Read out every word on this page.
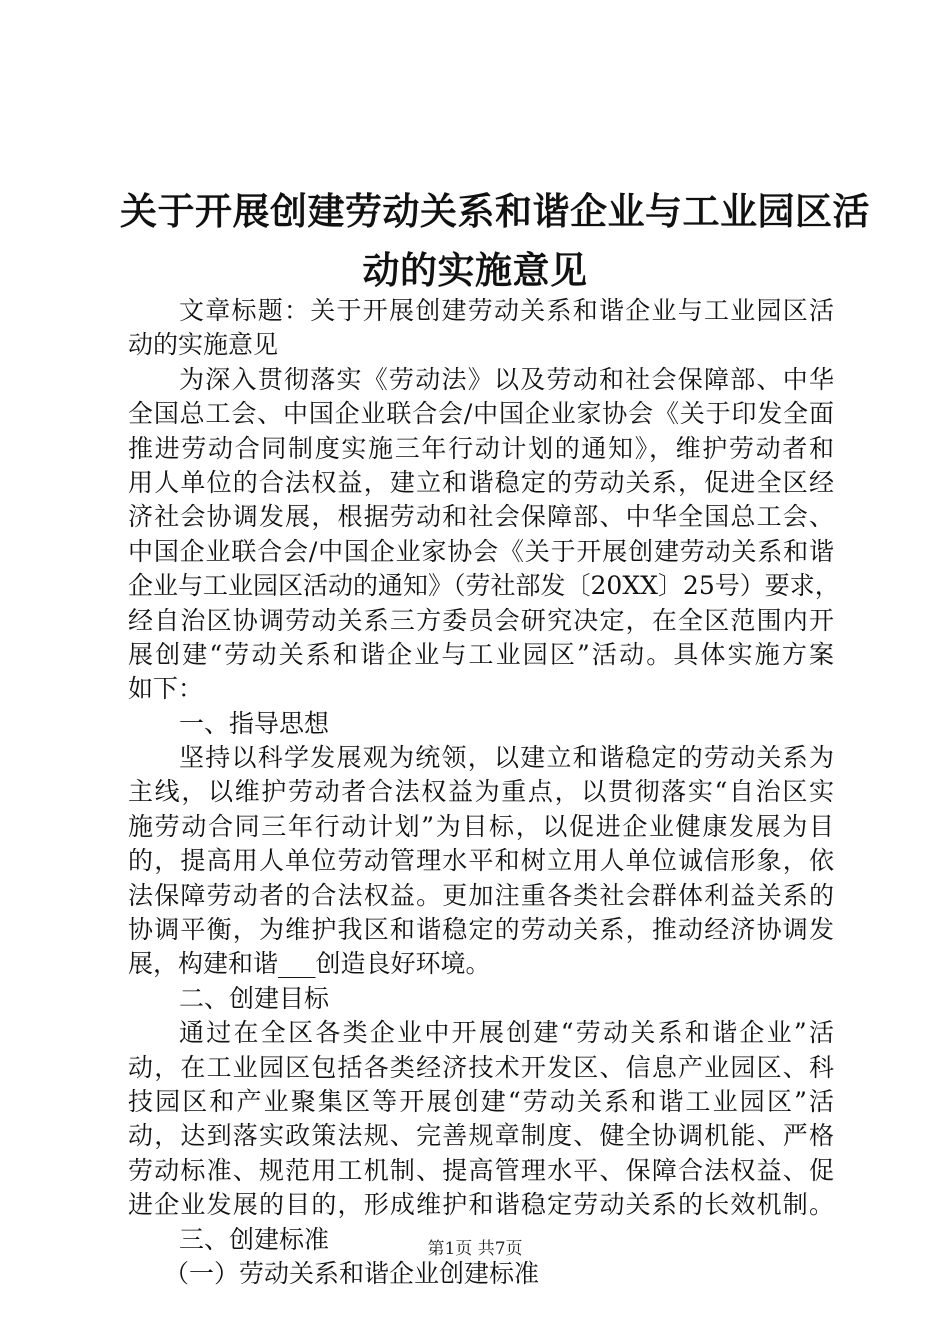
关于开展创建劳动关系和谐企业与工业园区活
动的实施意见
文章标题：关于开展创建劳动关系和谐企业与工业园区活
动的实施意见
为深入贯彻落实《劳动法》以及劳动和社会保障部、中华
全国总工会、中国企业联合会/中国企业家协会《关于印发全面
推进劳动合同制度实施三年行动计划的通知》，维护劳动者和
用人单位的合法权益，建立和谐稳定的劳动关系，促进全区经
济社会协调发展，根据劳动和社会保障部、中华全国总工会、
中国企业联合会/中国企业家协会《关于开展创建劳动关系和谐
企业与工业园区活动的通知》（劳社部发〔20XX〕25号）要求，
经自治区协调劳动关系三方委员会研究决定，在全区范围内开
展创建“劳动关系和谐企业与工业园区”活动。具体实施方案
如下：
一、指导思想
坚持以科学发展观为统领，以建立和谐稳定的劳动关系为
主线，以维护劳动者合法权益为重点，以贯彻落实“自治区实
施劳动合同三年行动计划”为目标，以促进企业健康发展为目
的，提高用人单位劳动管理水平和树立用人单位诚信形象，依
法保障劳动者的合法权益。更加注重各类社会群体利益关系的
协调平衡，为维护我区和谐稳定的劳动关系，推动经济协调发
展，构建和谐___创造良好环境。
二、创建目标
通过在全区各类企业中开展创建“劳动关系和谐企业”活
动，在工业园区包括各类经济技术开发区、信息产业园区、科
技园区和产业聚集区等开展创建“劳动关系和谐工业园区”活
动，达到落实政策法规、完善规章制度、健全协调机能、严格
劳动标准、规范用工机制、提高管理水平、保障合法权益、促
进企业发展的目的，形成维护和谐稳定劳动关系的长效机制。
三、创建标准
（一）劳动关系和谐企业创建标准
第1页 共7页
